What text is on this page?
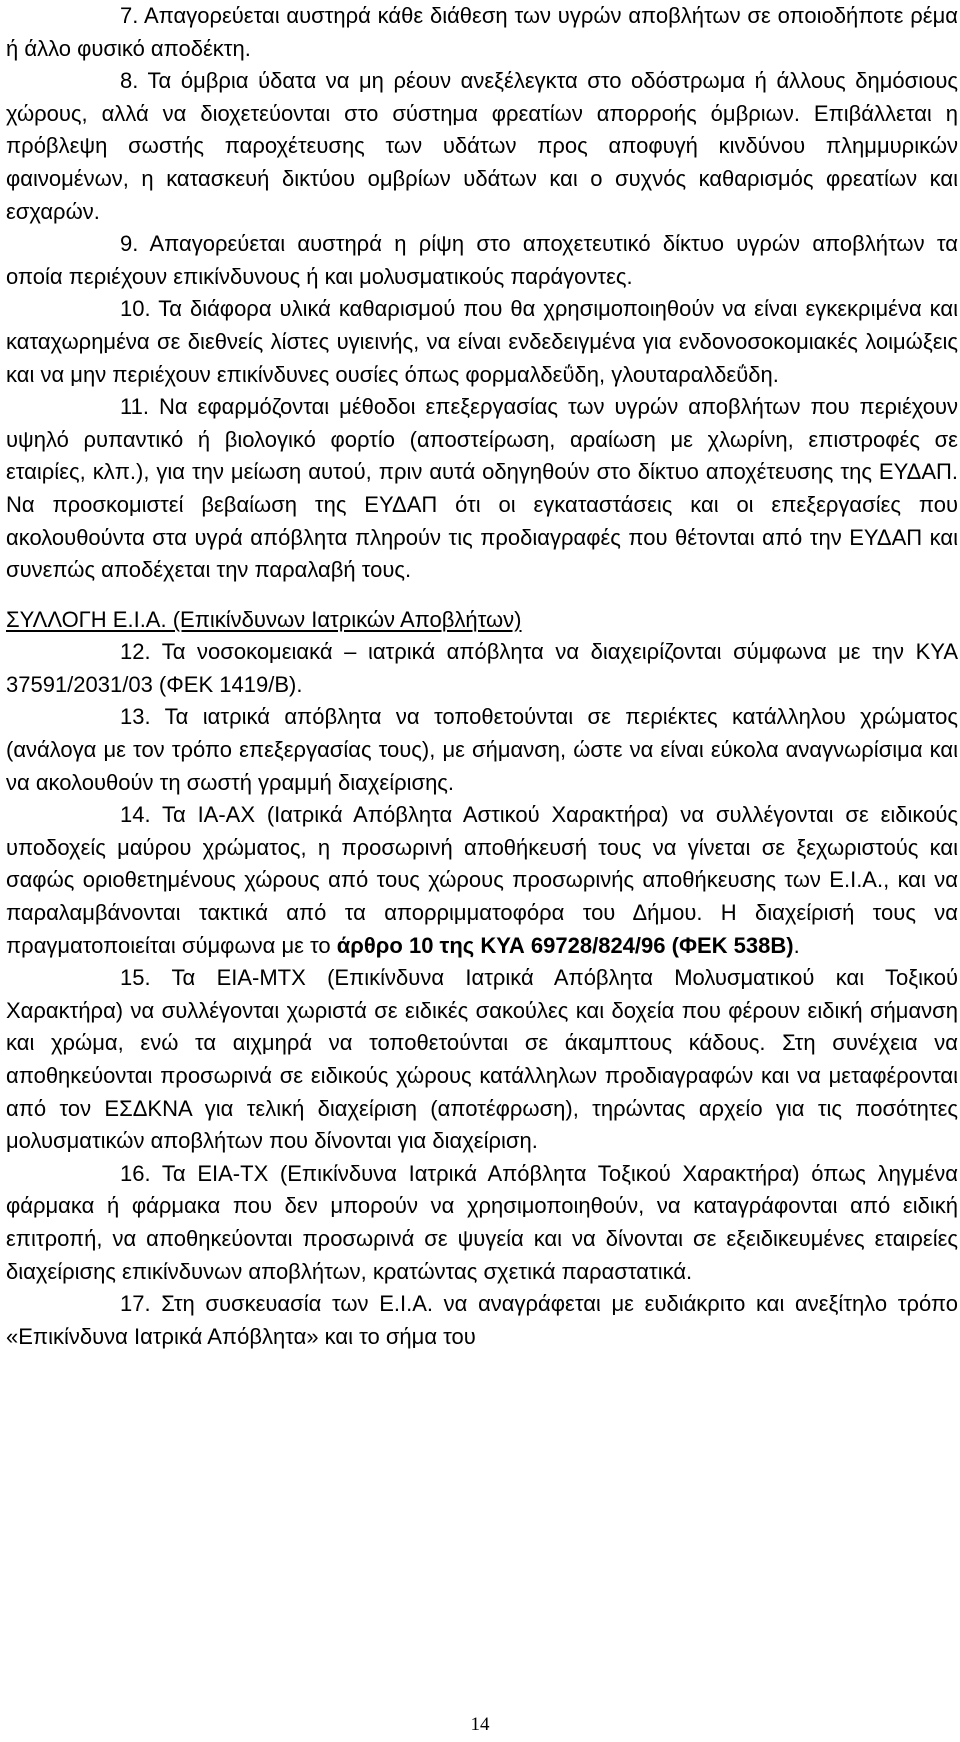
7. Απαγορεύεται αυστηρά κάθε διάθεση των υγρών αποβλήτων σε οποιοδήποτε ρέμα ή άλλο φυσικό αποδέκτη.

8. Τα όμβρια ύδατα να μη ρέουν ανεξέλεγκτα στο οδόστρωμα ή άλλους δημόσιους χώρους, αλλά να διοχετεύονται στο σύστημα φρεατίων απορροής όμβριων. Επιβάλλεται η πρόβλεψη σωστής παροχέτευσης των υδάτων προς αποφυγή κινδύνου πλημμυρικών φαινομένων, η κατασκευή δικτύου ομβρίων υδάτων και ο συχνός καθαρισμός φρεατίων και εσχαρών.

9. Απαγορεύεται αυστηρά η ρίψη στο αποχετευτικό δίκτυο υγρών αποβλήτων τα οποία περιέχουν επικίνδυνους ή και μολυσματικούς παράγοντες.

10. Τα διάφορα υλικά καθαρισμού που θα χρησιμοποιηθούν να είναι εγκεκριμένα και καταχωρημένα σε διεθνείς λίστες υγιεινής, να είναι ενδεδειγμένα για ενδονοσοκομιακές λοιμώξεις και να μην περιέχουν επικίνδυνες ουσίες όπως φορμαλδεΰδη, γλουταραλδεΰδη.

11. Να εφαρμόζονται μέθοδοι επεξεργασίας των υγρών αποβλήτων που περιέχουν υψηλό ρυπαντικό ή βιολογικό φορτίο (αποστείρωση, αραίωση με χλωρίνη, επιστροφές σε εταιρίες, κλπ.), για την μείωση αυτού, πριν αυτά οδηγηθούν στο δίκτυο αποχέτευσης της ΕΥΔΑΠ. Να προσκομιστεί βεβαίωση της ΕΥΔΑΠ ότι οι εγκαταστάσεις και οι επεξεργασίες που ακολουθούντα στα υγρά απόβλητα πληρούν τις προδιαγραφές που θέτονται από την ΕΥΔΑΠ και συνεπώς αποδέχεται την παραλαβή τους.

ΣΥΛΛΟΓΗ Ε.Ι.Α. (Επικίνδυνων Ιατρικών Αποβλήτων)

12. Τα νοσοκομειακά – ιατρικά απόβλητα να διαχειρίζονται σύμφωνα με την ΚΥΑ 37591/2031/03 (ΦΕΚ 1419/Β).

13. Τα ιατρικά απόβλητα να τοποθετούνται σε περιέκτες κατάλληλου χρώματος (ανάλογα με τον τρόπο επεξεργασίας τους), με σήμανση, ώστε να είναι εύκολα αναγνωρίσιμα και να ακολουθούν τη σωστή γραμμή διαχείρισης.

14. Τα ΙΑ-ΑΧ (Ιατρικά Απόβλητα Αστικού Χαρακτήρα) να συλλέγονται σε ειδικούς υποδοχείς μαύρου χρώματος, η προσωρινή αποθήκευσή τους να γίνεται σε ξεχωριστούς και σαφώς οριοθετημένους χώρους από τους χώρους προσωρινής αποθήκευσης των Ε.Ι.Α., και να παραλαμβάνονται τακτικά από τα απορριμματοφόρα του Δήμου. Η διαχείρισή τους να πραγματοποιείται σύμφωνα με το άρθρο 10 της ΚΥΑ 69728/824/96 (ΦΕΚ 538Β).

15. Τα ΕΙΑ-ΜΤΧ (Επικίνδυνα Ιατρικά Απόβλητα Μολυσματικού και Τοξικού Χαρακτήρα) να συλλέγονται χωριστά σε ειδικές σακούλες και δοχεία που φέρουν ειδική σήμανση και χρώμα, ενώ τα αιχμηρά να τοποθετούνται σε άκαμπτους κάδους. Στη συνέχεια να αποθηκεύονται προσωρινά σε ειδικούς χώρους κατάλληλων προδιαγραφών και να μεταφέρονται από τον ΕΣΔΚΝΑ για τελική διαχείριση (αποτέφρωση), τηρώντας αρχείο για τις ποσότητες μολυσματικών αποβλήτων που δίνονται για διαχείριση.

16. Τα ΕΙΑ-ΤΧ (Επικίνδυνα Ιατρικά Απόβλητα Τοξικού Χαρακτήρα) όπως ληγμένα φάρμακα ή φάρμακα που δεν μπορούν να χρησιμοποιηθούν, να καταγράφονται από ειδική επιτροπή, να αποθηκεύονται προσωρινά σε ψυγεία και να δίνονται σε εξειδικευμένες εταιρείες διαχείρισης επικίνδυνων αποβλήτων, κρατώντας σχετικά παραστατικά.

17. Στη συσκευασία των Ε.Ι.Α. να αναγράφεται με ευδιάκριτο και ανεξίτηλο τρόπο «Επικίνδυνα Ιατρικά Απόβλητα» και το σήμα του

14
